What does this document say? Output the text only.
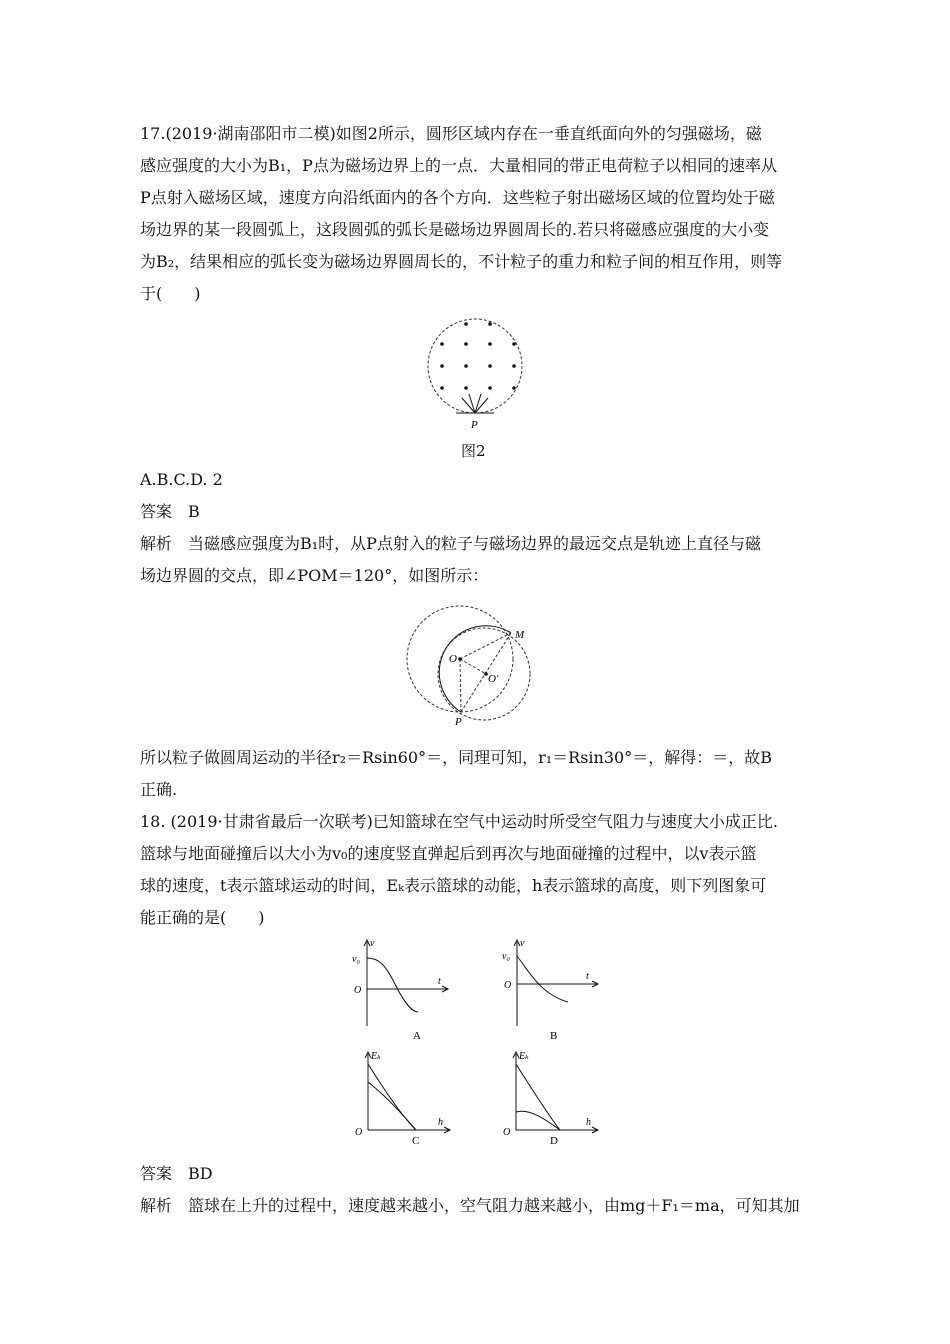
17.(2019·湖南邵阳市二模)如图2所示，圆形区域内存在一垂直纸面向外的匀强磁场，磁
感应强度的大小为B₁，P点为磁场边界上的一点．大量相同的带正电荷粒子以相同的速率从
P点射入磁场区域，速度方向沿纸面内的各个方向．这些粒子射出磁场区域的位置均处于磁
场边界的某一段圆弧上，这段圆弧的弧长是磁场边界圆周长的.若只将磁感应强度的大小变
为B₂，结果相应的弧长变为磁场边界圆周长的，不计粒子的重力和粒子间的相互作用，则等
于(　　)
P
图2
A.B.C.D. 2
答案　B
解析　当磁感应强度为B₁时，从P点射入的粒子与磁场边界的最远交点是轨迹上直径与磁
场边界圆的交点，即∠POM＝120°，如图所示：
M
O
O′
P
所以粒子做圆周运动的半径r₂＝Rsin60°＝，同理可知，r₁＝Rsin30°＝，解得：＝，故B
正确.
18. (2019·甘肃省最后一次联考)已知篮球在空气中运动时所受空气阻力与速度大小成正比.
篮球与地面碰撞后以大小为v₀的速度竖直弹起后到再次与地面碰撞的过程中，以v表示篮
球的速度，t表示篮球运动的时间，Eₖ表示篮球的动能，h表示篮球的高度，则下列图象可
能正确的是(　　)
v
t
v₀
O
A
v
t
v₀
O
B
Eₖ
h
O
C
Eₖ
h
O
D
答案　BD
解析　篮球在上升的过程中，速度越来越小，空气阻力越来越小，由mg＋F₁＝ma，可知其加
